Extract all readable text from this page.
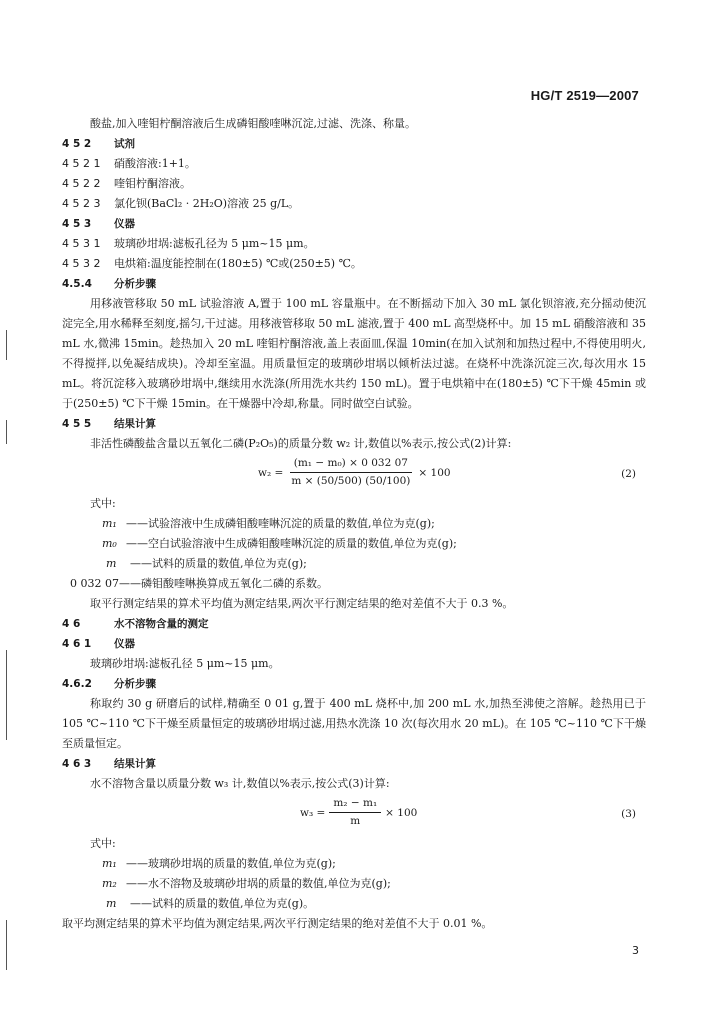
HG/T 2519—2007
酸盐,加入喹钼柠酮溶液后生成磷钼酸喹啉沉淀,过滤、洗涤、称量。
4 5 2 试剂
4 5 2 1 硝酸溶液:1+1。
4 5 2 2 喹钼柠酮溶液。
4 5 2 3 氯化钡(BaCl₂ · 2H₂O)溶液 25 g/L。
4 5 3 仪器
4 5 3 1 玻璃砂坩埚:滤板孔径为 5 μm~15 μm。
4 5 3 2 电烘箱:温度能控制在(180±5) ℃或(250±5) ℃。
4.5.4 分析步骤
用移液管移取 50 mL 试验溶液 A,置于 100 mL 容量瓶中。在不断摇动下加入 30 mL 氯化钡溶液,充分摇动使沉淀完全,用水稀释至刻度,摇匀,干过滤。用移液管移取 50 mL 滤液,置于 400 mL 高型烧杯中。加 15 mL 硝酸溶液和 35 mL 水,微沸 15min。趁热加入 20 mL 喹钼柠酮溶液,盖上表面皿,保温 10min(在加入试剂和加热过程中,不得使用明火,不得搅拌,以免凝结成块)。冷却至室温。用质量恒定的玻璃砂坩埚以倾析法过滤。在烧杯中洗涤沉淀三次,每次用水 15 mL。将沉淀移入玻璃砂坩埚中,继续用水洗涤(所用洗水共约 150 mL)。置于电烘箱中在(180±5) ℃下干燥 45min 或于(250±5) ℃下干燥 15min。在干燥器中冷却,称量。同时做空白试验。
4 5 5 结果计算
非活性磷酸盐含量以五氧化二磷(P₂O₅)的质量分数 w₂ 计,数值以%表示,按公式(2)计算:
$w_2 = \frac{\text{(m₁ − m₀) × 0 032 07}}{m \times (50/500) (50/100)} \times 100$	(2)
式中:
m₁ ——试验溶液中生成磷钼酸喹啉沉淀的质量的数值,单位为克(g);
m₀ ——空白试验溶液中生成磷钼酸喹啉沉淀的质量的数值,单位为克(g);
m ——试料的质量的数值,单位为克(g);
0 032 07——磷钼酸喹啉换算成五氧化二磷的系数。
取平行测定结果的算术平均值为测定结果,两次平行测定结果的绝对差值不大于 0.3 %。
4 6	水不溶物含量的测定
4 6 1 仪器
玻璃砂坩埚:滤板孔径 5 μm~15 μm。
4.6.2 分析步骤
称取约 30 g 研磨后的试样,精确至 0 01 g,置于 400 mL 烧杯中,加 200 mL 水,加热至沸使之溶解。趁热用已于 105 ℃~110 ℃下干燥至质量恒定的玻璃砂坩埚过滤,用热水洗涤 10 次(每次用水 20 mL)。在 105 ℃~110 ℃下干燥至质量恒定。
4 6 3 结果计算
水不溶物含量以质量分数 w₃ 计,数值以%表示,按公式(3)计算:
$w_3 = \frac{\text{m₂ − m₁}}{m} \times 100$	(3)
式中:
m₁ ——玻璃砂坩埚的质量的数值,单位为克(g);
m₂ ——水不溶物及玻璃砂坩埚的质量的数值,单位为克(g);
m ——试料的质量的数值,单位为克(g)。
取平均测定结果的算术平均值为测定结果,两次平行测定结果的绝对差值不大于 0.01 %。
3
